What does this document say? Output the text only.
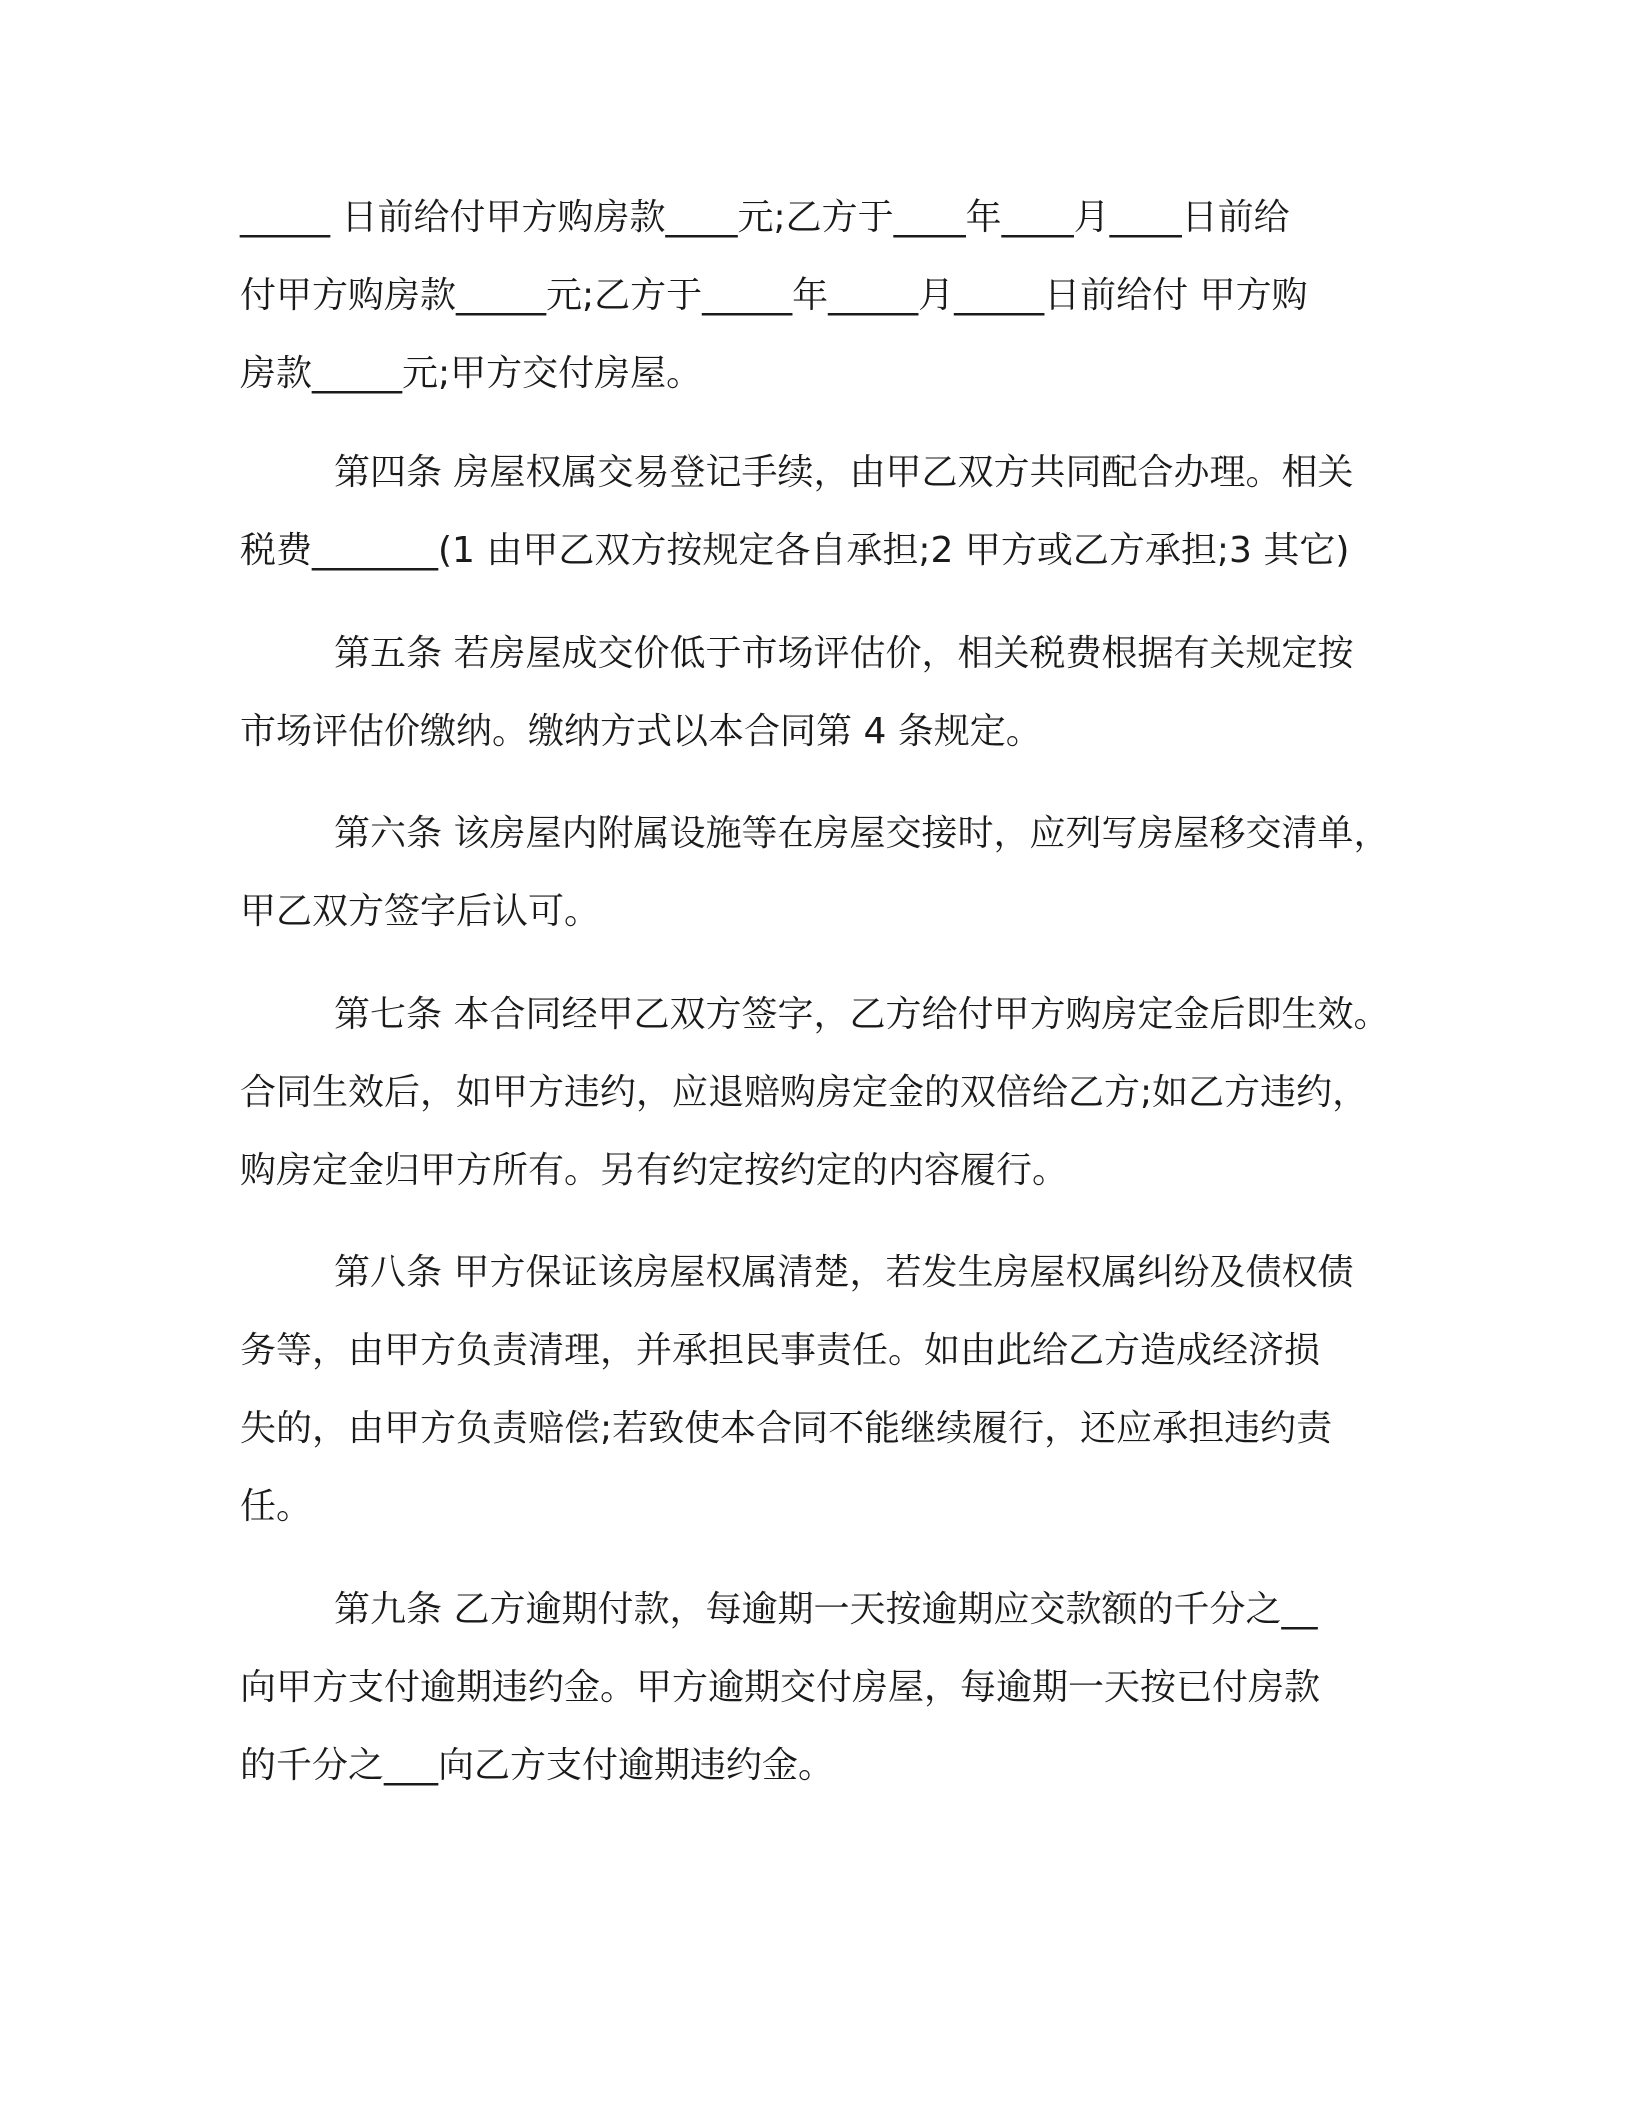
_____ 日前给付甲方购房款____元;乙方于____年____月____日前给

付甲方购房款_____元;乙方于_____年_____月_____日前给付 甲方购

房款_____元;甲方交付房屋。

第四条 房屋权属交易登记手续，由甲乙双方共同配合办理。相关

税费_______(1 由甲乙双方按规定各自承担;2 甲方或乙方承担;3 其它)

第五条 若房屋成交价低于市场评估价，相关税费根据有关规定按

市场评估价缴纳。缴纳方式以本合同第 4 条规定。

第六条 该房屋内附属设施等在房屋交接时，应列写房屋移交清单，

甲乙双方签字后认可。

第七条 本合同经甲乙双方签字，乙方给付甲方购房定金后即生效。

合同生效后，如甲方违约，应退赔购房定金的双倍给乙方;如乙方违约，

购房定金归甲方所有。另有约定按约定的内容履行。

第八条 甲方保证该房屋权属清楚，若发生房屋权属纠纷及债权债

务等，由甲方负责清理，并承担民事责任。如由此给乙方造成经济损

失的，由甲方负责赔偿;若致使本合同不能继续履行，还应承担违约责

任。

第九条 乙方逾期付款，每逾期一天按逾期应交款额的千分之__

向甲方支付逾期违约金。甲方逾期交付房屋，每逾期一天按已付房款

的千分之___向乙方支付逾期违约金。
